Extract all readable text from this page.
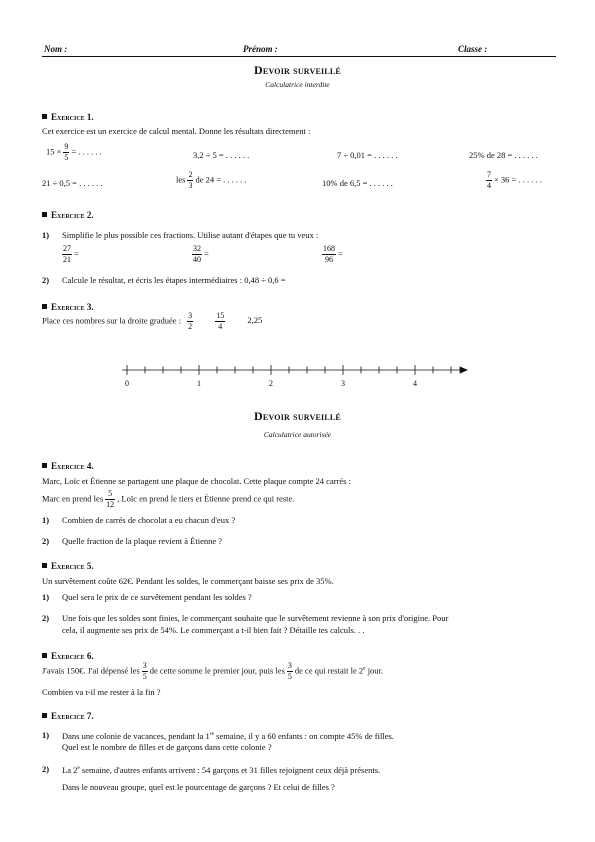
Nom :	Prénom :	Classe :
Devoir surveillé
Calculatrice interdite
Exercice 1.
Cet exercice est un exercice de calcul mental. Donne les résultats directement :
$15 \times \frac{9}{5}$ = . . . . . .	3,2 ÷ 5 = . . . . . .	7 ÷ 0,01 = . . . . . .	25% de 28 = . . . . . .
21 ÷ 0,5 = . . . . . .	les $\frac{2}{3}$ de 24 = . . . . . .	10% de 6,5 = . . . . . .	$\frac{7}{4} \times 36$ = . . . . . .
Exercice 2.
1) Simplifie le plus possible ces fractions. Utilise autant d'étapes que tu veux :
$\frac{27}{21}$ =	$\frac{32}{40}$ =	$\frac{168}{96}$ =
2) Calcule le résultat, et écris les étapes intermédiaires : 0,48 ÷ 0,6 =
Exercice 3.
Place ces nombres sur la droite graduée : $\frac{3}{2}$
	$\frac{15}{4}$	2,25
0	1	2	3	4
Devoir surveillé
Calculatrice autorisée
Exercice 4.
Marc, Loïc et Étienne se partagent une plaque de chocolat. Cette plaque compte 24 carrés :
Marc en prend les $\frac{5}{12}$ , Loïc en prend le tiers et Étienne prend ce qui reste.
1) Combien de carrés de chocolat a eu chacun d'eux ?
2) Quelle fraction de la plaque revient à Étienne ?
Exercice 5.
Un survêtement coûte 62€. Pendant les soldes, le commerçant baisse ses prix de 35%.
1) Quel sera le prix de ce survêtement pendant les soldes ?
2) Une fois que les soldes sont finies, le commerçant souhaite que le survêtement revienne à son prix d'origine. Pour
cela, il augmente ses prix de 54%. Le commerçant a t-il bien fait ? Détaille tes calculs. . .
Exercice 6.
J'avais 150€. J'ai dépensé les $\frac{3}{5}$ de cette somme le premier jour, puis les $\frac{3}{5}$ de ce qui restait le 2e jour.
Combien va t-il me rester à la fin ?
Exercice 7.
1) Dans une colonie de vacances, pendant la 1re semaine, il y a 60 enfants : on compte 45% de filles.
Quel est le nombre de filles et de garçons dans cette colonie ?
2) La 2e semaine, d'autres enfants arrivent : 54 garçons et 31 filles rejoignent ceux déjà présents.
Dans le nouveau groupe, quel est le pourcentage de garçons ? Et celui de filles ?
